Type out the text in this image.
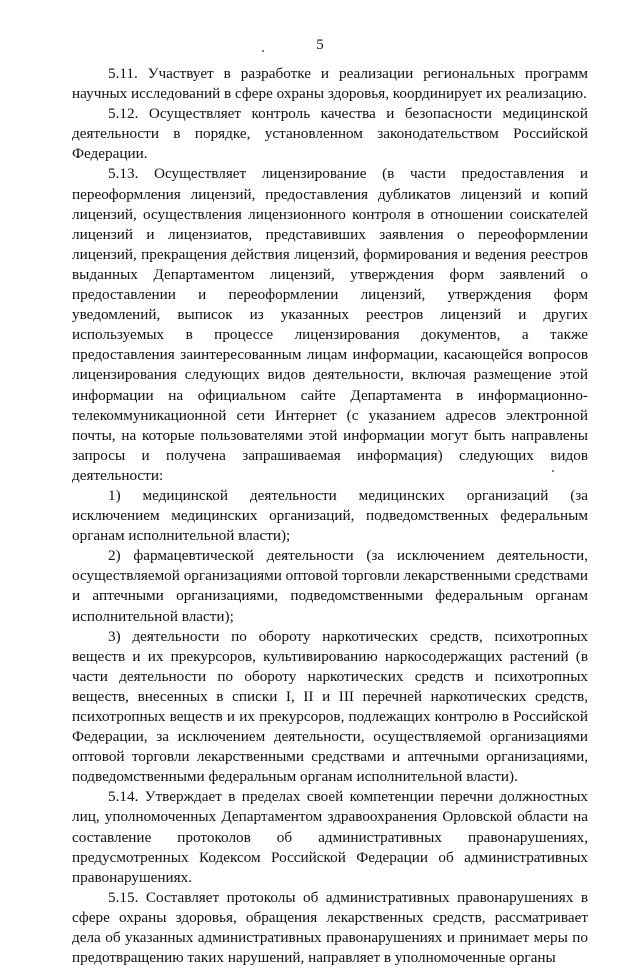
5

5.11. Участвует в разработке и реализации региональных программ научных исследований в сфере охраны здоровья, координирует их реализацию.

5.12. Осуществляет контроль качества и безопасности медицинской деятельности в порядке, установленном законодательством Российской Федерации.

5.13. Осуществляет лицензирование (в части предоставления и переоформления лицензий, предоставления дубликатов лицензий и копий лицензий, осуществления лицензионного контроля в отношении соискателей лицензий и лицензиатов, представивших заявления о переоформлении лицензий, прекращения действия лицензий, формирования и ведения реестров выданных Департаментом лицензий, утверждения форм заявлений о предоставлении и переоформлении лицензий, утверждения форм уведомлений, выписок из указанных реестров лицензий и других используемых в процессе лицензирования документов, а также предоставления заинтересованным лицам информации, касающейся вопросов лицензирования следующих видов деятельности, включая размещение этой информации на официальном сайте Департамента в информационно-телекоммуникационной сети Интернет (с указанием адресов электронной почты, на которые пользователями этой информации могут быть направлены запросы и получена запрашиваемая информация) следующих видов деятельности:

1) медицинской деятельности медицинских организаций (за исключением медицинских организаций, подведомственных федеральным органам исполнительной власти);

2) фармацевтической деятельности (за исключением деятельности, осуществляемой организациями оптовой торговли лекарственными средствами и аптечными организациями, подведомственными федеральным органам исполнительной власти);

3) деятельности по обороту наркотических средств, психотропных веществ и их прекурсоров, культивированию наркосодержащих растений (в части деятельности по обороту наркотических средств и психотропных веществ, внесенных в списки I, II и III перечней наркотических средств, психотропных веществ и их прекурсоров, подлежащих контролю в Российской Федерации, за исключением деятельности, осуществляемой организациями оптовой торговли лекарственными средствами и аптечными организациями, подведомственными федеральным органам исполнительной власти).

5.14. Утверждает в пределах своей компетенции перечни должностных лиц, уполномоченных Департаментом здравоохранения Орловской области на составление протоколов об административных правонарушениях, предусмотренных Кодексом Российской Федерации об административных правонарушениях.

5.15. Составляет протоколы об административных правонарушениях в сфере охраны здоровья, обращения лекарственных средств, рассматривает дела об указанных административных правонарушениях и принимает меры по предотвращению таких нарушений, направляет в уполномоченные органы
